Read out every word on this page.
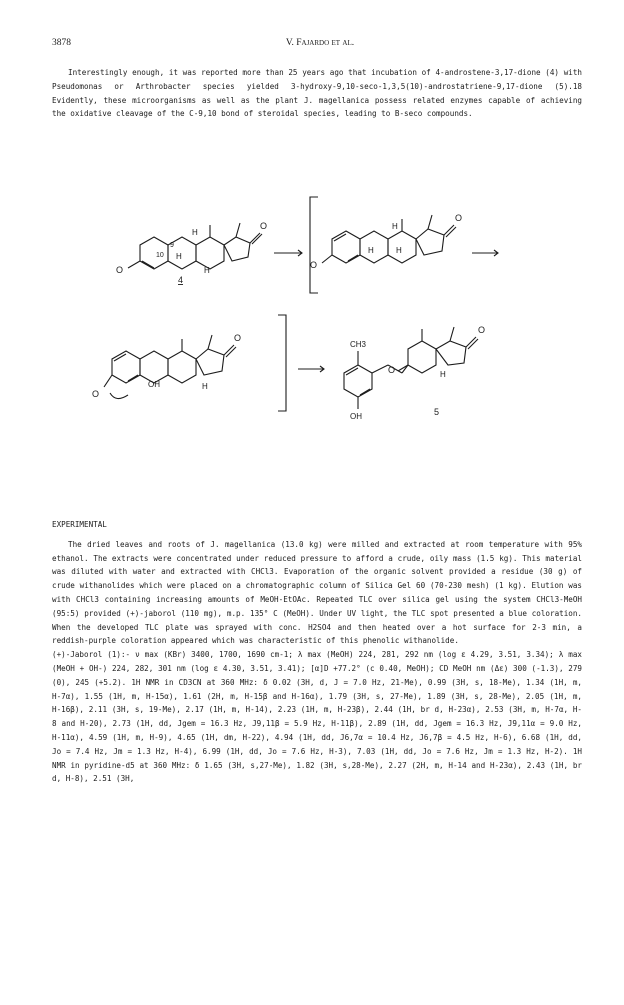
3878	V. Fajardo et al.

Interestingly enough, it was reported more than 25 years ago that incubation of 4-androstene-3,17-dione (4) with Pseudomonas or Arthrobacter species yielded 3-hydroxy-9,10-seco-1,3,5(10)-androstatriene-9,17-dione (5).18 Evidently, these microorganisms as well as the plant J. magellanica possess related enzymes capable of achieving the oxidative cleavage of the C-9,10 bond of steroidal species, leading to B-seco compounds.

O
O
9
10 H
H
H
4
O
O
H
H	H
O
O
OH	H
CH3
OH
O
O	H
5

EXPERIMENTAL

The dried leaves and roots of J. magellanica (13.0 kg) were milled and extracted at room temperature with 95% ethanol. The extracts were concentrated under reduced pressure to afford a crude, oily mass (1.5 kg). This material was diluted with water and extracted with CHCl3. Evaporation of the organic solvent provided a residue (30 g) of crude withanolides which were placed on a chromatographic column of Silica Gel 60 (70-230 mesh) (1 kg). Elution was with CHCl3 containing increasing amounts of MeOH-EtOAc. Repeated TLC over silica gel using the system CHCl3-MeOH (95:5) provided (+)-jaborol (110 mg), m.p. 135° C (MeOH). Under UV light, the TLC spot presented a blue coloration. When the developed TLC plate was sprayed with conc. H2SO4 and then heated over a hot surface for 2-3 min, a reddish-purple coloration appeared which was characteristic of this phenolic withanolide.

(+)-Jaborol (1):- ν max (KBr) 3400, 1700, 1690 cm-1; λ max (MeOH) 224, 281, 292 nm (log ε 4.29, 3.51, 3.34); λ max (MeOH + OH-) 224, 282, 301 nm (log ε 4.30, 3.51, 3.41); [α]D +77.2° (c 0.40, MeOH); CD MeOH nm (Δε) 300 (-1.3), 279 (0), 245 (+5.2). 1H NMR in CD3CN at 360 MHz: δ 0.02 (3H, d, J = 7.0 Hz, 21-Me), 0.99 (3H, s, 18-Me), 1.34 (1H, m, H-7α), 1.55 (1H, m, H-15α), 1.61 (2H, m, H-15β and H-16α), 1.79 (3H, s, 27-Me), 1.89 (3H, s, 28-Me), 2.05 (1H, m, H-16β), 2.11 (3H, s, 19-Me), 2.17 (1H, m, H-14), 2.23 (1H, m, H-23β), 2.44 (1H, br d, H-23α), 2.53 (3H, m, H-7α, H-8 and H-20), 2.73 (1H, dd, Jgem = 16.3 Hz, J9,11β = 5.9 Hz, H-11β), 2.89 (1H, dd, Jgem = 16.3 Hz, J9,11α = 9.0 Hz, H-11α), 4.59 (1H, m, H-9), 4.65 (1H, dm, H-22), 4.94 (1H, dd, J6,7α = 10.4 Hz, J6,7β = 4.5 Hz, H-6), 6.68 (1H, dd, Jo = 7.4 Hz, Jm = 1.3 Hz, H-4), 6.99 (1H, dd, Jo = 7.6 Hz, H-3), 7.03 (1H, dd, Jo = 7.6 Hz, Jm = 1.3 Hz, H-2). 1H NMR in pyridine-d5 at 360 MHz: δ 1.65 (3H, s,27-Me), 1.82 (3H, s,28-Me), 2.27 (2H, m, H-14 and H-23α), 2.43 (1H, br d, H-8), 2.51 (3H,
